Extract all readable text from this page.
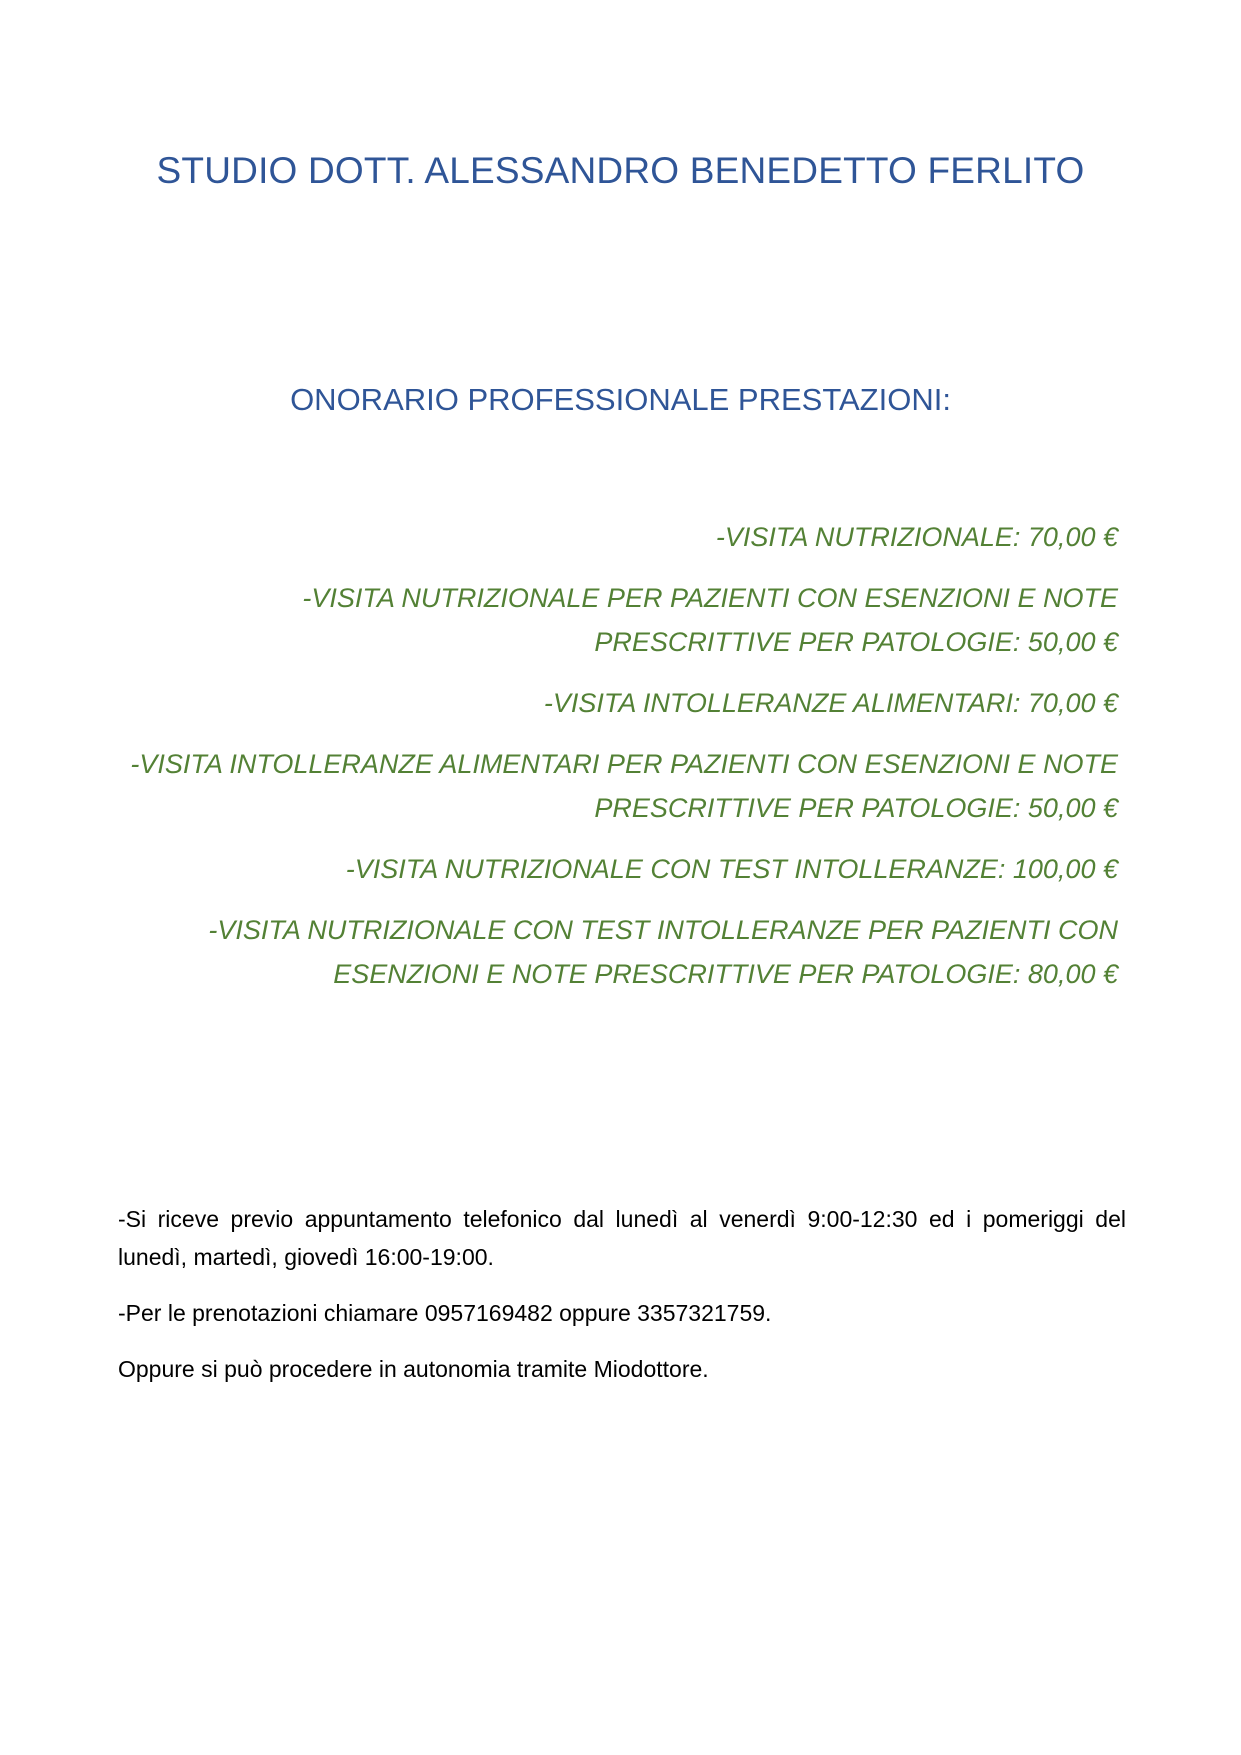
STUDIO DOTT. ALESSANDRO BENEDETTO FERLITO
ONORARIO PROFESSIONALE PRESTAZIONI:
-VISITA NUTRIZIONALE: 70,00 €
-VISITA NUTRIZIONALE PER PAZIENTI CON ESENZIONI E NOTE PRESCRITTIVE PER PATOLOGIE: 50,00 €
-VISITA INTOLLERANZE ALIMENTARI: 70,00 €
-VISITA INTOLLERANZE ALIMENTARI PER PAZIENTI CON ESENZIONI E NOTE PRESCRITTIVE PER PATOLOGIE: 50,00 €
-VISITA NUTRIZIONALE CON TEST INTOLLERANZE: 100,00 €
-VISITA NUTRIZIONALE CON TEST INTOLLERANZE PER PAZIENTI CON ESENZIONI E NOTE PRESCRITTIVE PER PATOLOGIE: 80,00 €

-Si riceve previo appuntamento telefonico dal lunedì al venerdì 9:00-12:30 ed i pomeriggi del lunedì, martedì, giovedì 16:00-19:00.

-Per le prenotazioni chiamare 0957169482 oppure 3357321759.

Oppure si può procedere in autonomia tramite Miodottore.
